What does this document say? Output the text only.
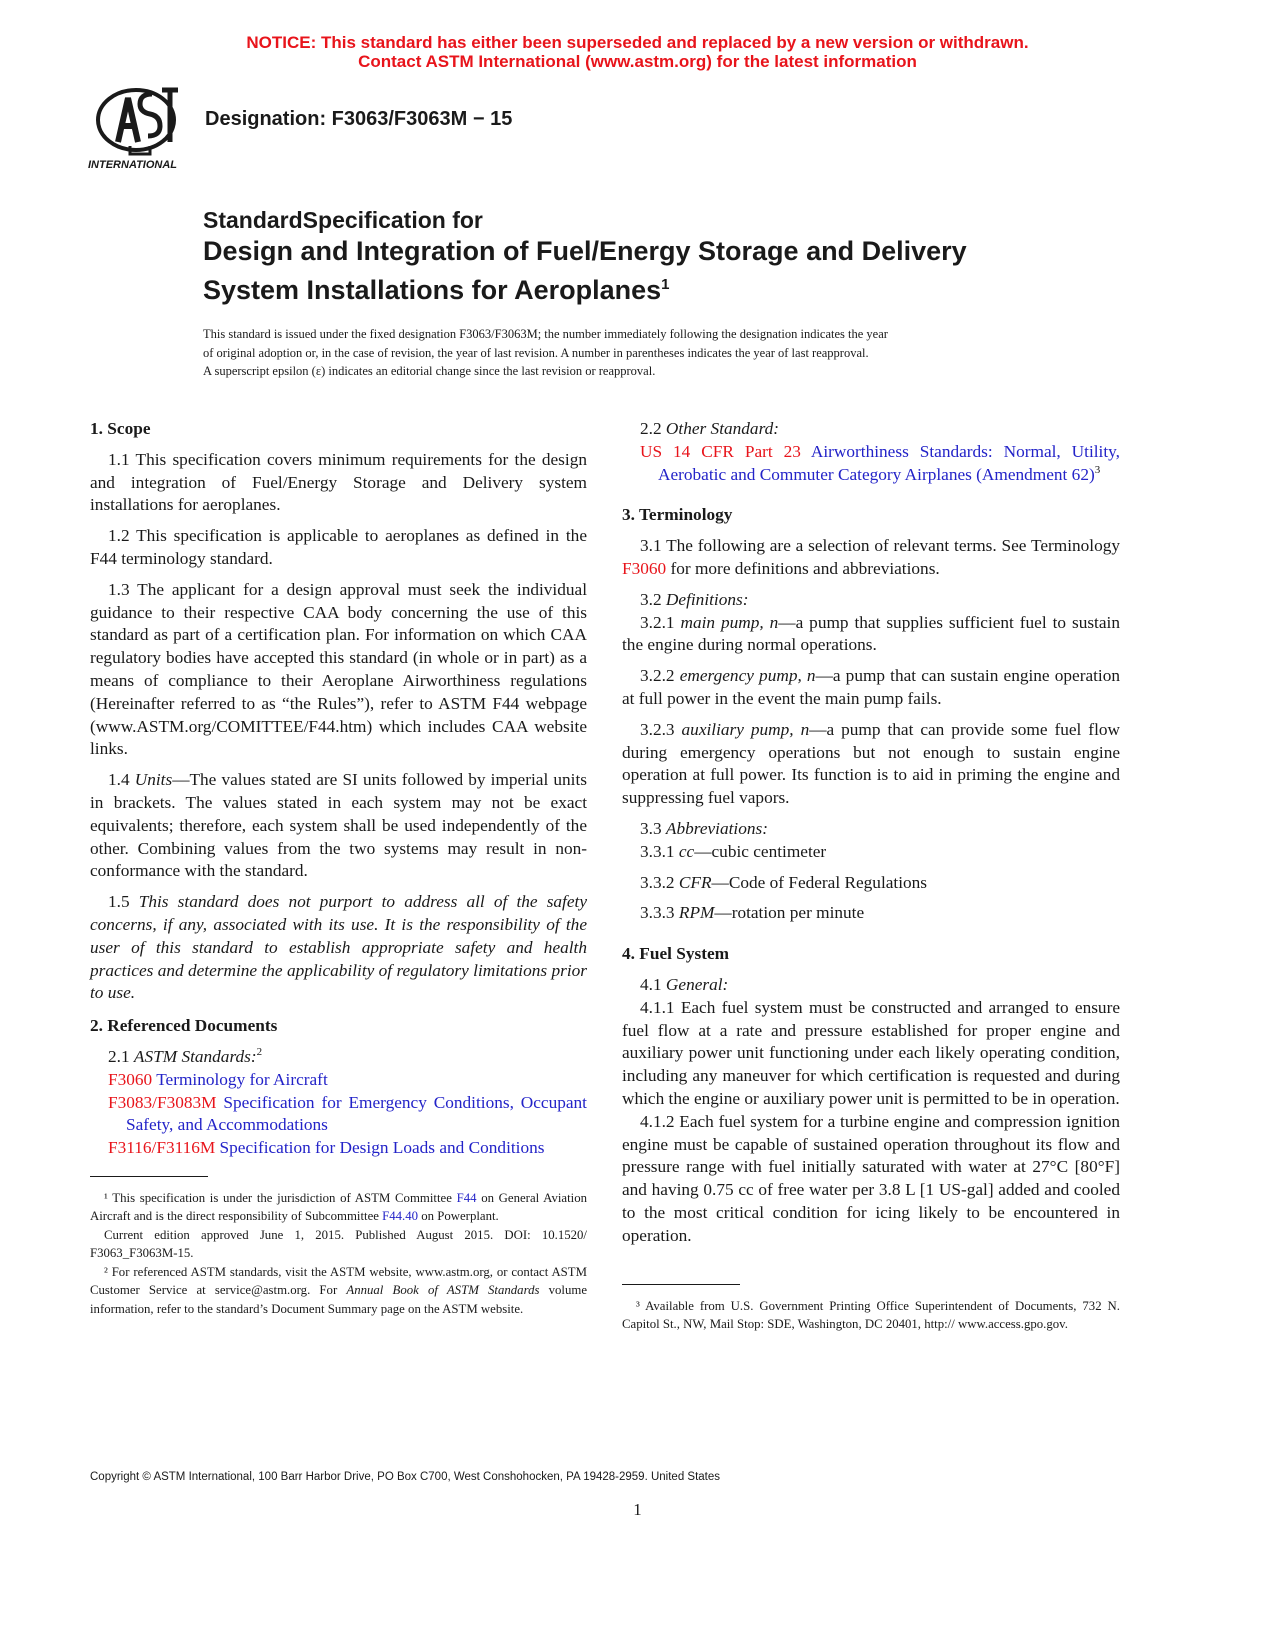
NOTICE: This standard has either been superseded and replaced by a new version or withdrawn.
Contact ASTM International (www.astm.org) for the latest information
INTERNATIONAL
Designation: F3063/F3063M − 15
StandardSpecification for
Design and Integration of Fuel/Energy Storage and Delivery
System Installations for Aeroplanes$^1$
This standard is issued under the fixed designation F3063/F3063M; the number immediately following the designation indicates the year
of original adoption or, in the case of revision, the year of last revision. A number in parentheses indicates the year of last reapproval.
A superscript epsilon (ε) indicates an editorial change since the last revision or reapproval.
1. Scope

1.1 This specification covers minimum requirements for the design and integration of Fuel/Energy Storage and Delivery system installations for aeroplanes.

1.2 This specification is applicable to aeroplanes as defined in the F44 terminology standard.

1.3 The applicant for a design approval must seek the individual guidance to their respective CAA body concerning the use of this standard as part of a certification plan. For information on which CAA regulatory bodies have accepted this standard (in whole or in part) as a means of compliance to their Aeroplane Airworthiness regulations (Hereinafter referred to as “the Rules”), refer to ASTM F44 webpage (www.ASTM.org/COMITTEE/F44.htm) which includes CAA website links.

1.4 Units—The values stated are SI units followed by imperial units in brackets. The values stated in each system may not be exact equivalents; therefore, each system shall be used independently of the other. Combining values from the two systems may result in non-conformance with the standard.

1.5 This standard does not purport to address all of the safety concerns, if any, associated with its use. It is the responsibility of the user of this standard to establish appropriate safety and health practices and determine the applicability of regulatory limitations prior to use.

2. Referenced Documents

2.1 ASTM Standards:$^2$

F3060 Terminology for Aircraft

F3083/F3083M Specification for Emergency Conditions, Occupant Safety, and Accommodations

F3116/F3116M Specification for Design Loads and Conditions

¹ This specification is under the jurisdiction of ASTM Committee F44 on General Aviation Aircraft and is the direct responsibility of Subcommittee F44.40 on Powerplant.

Current edition approved June 1, 2015. Published August 2015. DOI: 10.1520/ F3063_F3063M-15.

² For referenced ASTM standards, visit the ASTM website, www.astm.org, or contact ASTM Customer Service at service@astm.org. For Annual Book of ASTM Standards volume information, refer to the standard’s Document Summary page on the ASTM website.

2.2 Other Standard:

US 14 CFR Part 23 Airworthiness Standards: Normal, Utility, Aerobatic and Commuter Category Airplanes (Amendment 62)$^3$

3. Terminology

3.1 The following are a selection of relevant terms. See Terminology F3060 for more definitions and abbreviations.

3.2 Definitions:

3.2.1 main pump, n—a pump that supplies sufficient fuel to sustain the engine during normal operations.

3.2.2 emergency pump, n—a pump that can sustain engine operation at full power in the event the main pump fails.

3.2.3 auxiliary pump, n—a pump that can provide some fuel flow during emergency operations but not enough to sustain engine operation at full power. Its function is to aid in priming the engine and suppressing fuel vapors.

3.3 Abbreviations:

3.3.1 cc—cubic centimeter

3.3.2 CFR—Code of Federal Regulations

3.3.3 RPM—rotation per minute

4. Fuel System

4.1 General:

4.1.1 Each fuel system must be constructed and arranged to ensure fuel flow at a rate and pressure established for proper engine and auxiliary power unit functioning under each likely operating condition, including any maneuver for which certification is requested and during which the engine or auxiliary power unit is permitted to be in operation.

4.1.2 Each fuel system for a turbine engine and compression ignition engine must be capable of sustained operation throughout its flow and pressure range with fuel initially saturated with water at 27°C [80°F] and having 0.75 cc of free water per 3.8 L [1 US-gal] added and cooled to the most critical condition for icing likely to be encountered in operation.

³ Available from U.S. Government Printing Office Superintendent of Documents, 732 N. Capitol St., NW, Mail Stop: SDE, Washington, DC 20401, http:// www.access.gpo.gov.

Copyright © ASTM International, 100 Barr Harbor Drive, PO Box C700, West Conshohocken, PA 19428-2959. United States
1
